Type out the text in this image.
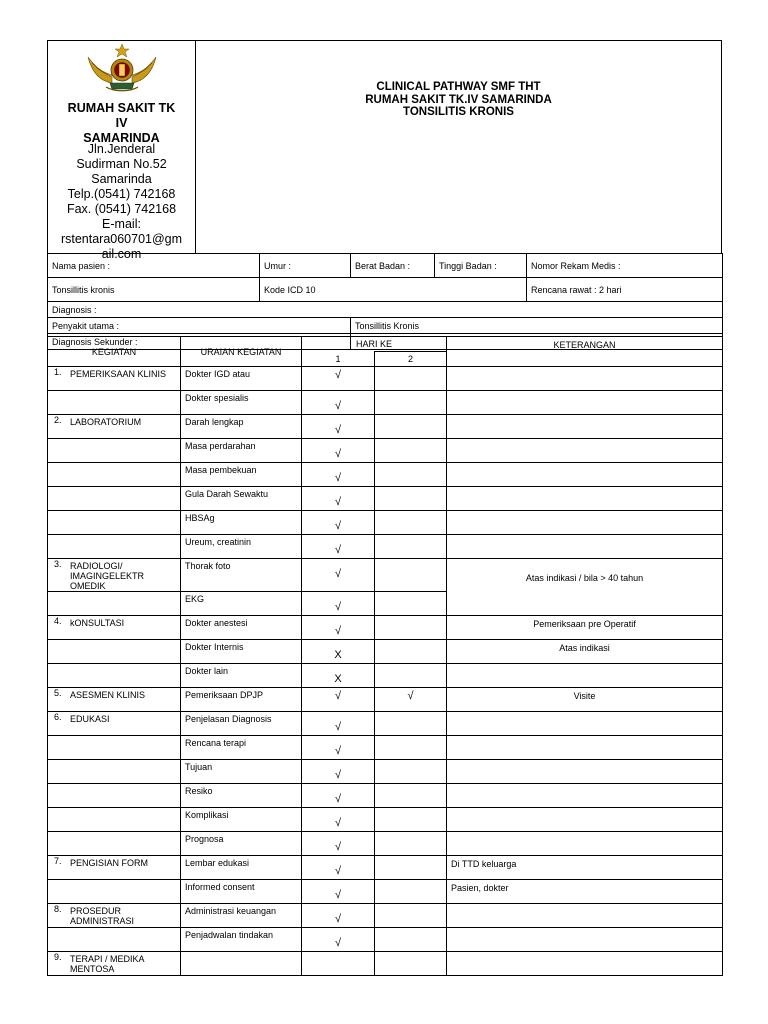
RUMAH SAKIT TK
IV
SAMARINDA
Jln.Jenderal
Sudirman No.52
Samarinda
Telp.(0541) 742168
Fax. (0541) 742168
E-mail:
rstentara060701@gm
ail.com
CLINICAL PATHWAY SMF THT
RUMAH SAKIT TK.IV SAMARINDA
TONSILITIS KRONIS
Nama pasien :	Umur :	Berat Badan :	Tinggi Badan :	Nomor Rekam Medis :
Tonsillitis kronis	Kode ICD 10			Rencana rawat : 2 hari
Diagnosis :				
Penyakit utama :		Tonsillitis Kronis		
Diagnosis Sekunder :				
KEGIATAN	URAIAN KEGIATAN	HARI KE		KETERANGAN
		1	2	

1. PEMERIKSAAN KLINIS	Dokter IGD atau	√		

	Dokter spesialis	√		

2. LABORATORIUM	Darah lengkap	√		

	Masa perdarahan	√		

	Masa pembekuan	√		

	Gula Darah Sewaktu	√		

	HBSAg	√		

	Ureum, creatinin	√		

3. RADIOLOGI/ IMAGINGELEKTR OMEDIK	Thorak foto	√		Atas indikasi / bila > 40 tahun

	EKG	√		

4. kONSULTASI	Dokter anestesi	√		Pemeriksaan pre Operatif

	Dokter Internis	X		Atas indikasi

	Dokter lain	X		

5. ASESMEN KLINIS	Pemeriksaan DPJP	√	√	Visite

6. EDUKASI	Penjelasan Diagnosis	√		

	Rencana terapi	√		

	Tujuan	√		

	Resiko	√		

	Komplikasi	√		

	Prognosa	√		

7. PENGISIAN FORM	Lembar edukasi	√		Di TTD keluarga

	Informed consent	√		Pasien, dokter

8. PROSEDUR ADMINISTRASI	Administrasi keuangan	√		

	Penjadwalan tindakan	√		

9. TERAPI / MEDIKA MENTOSA				
